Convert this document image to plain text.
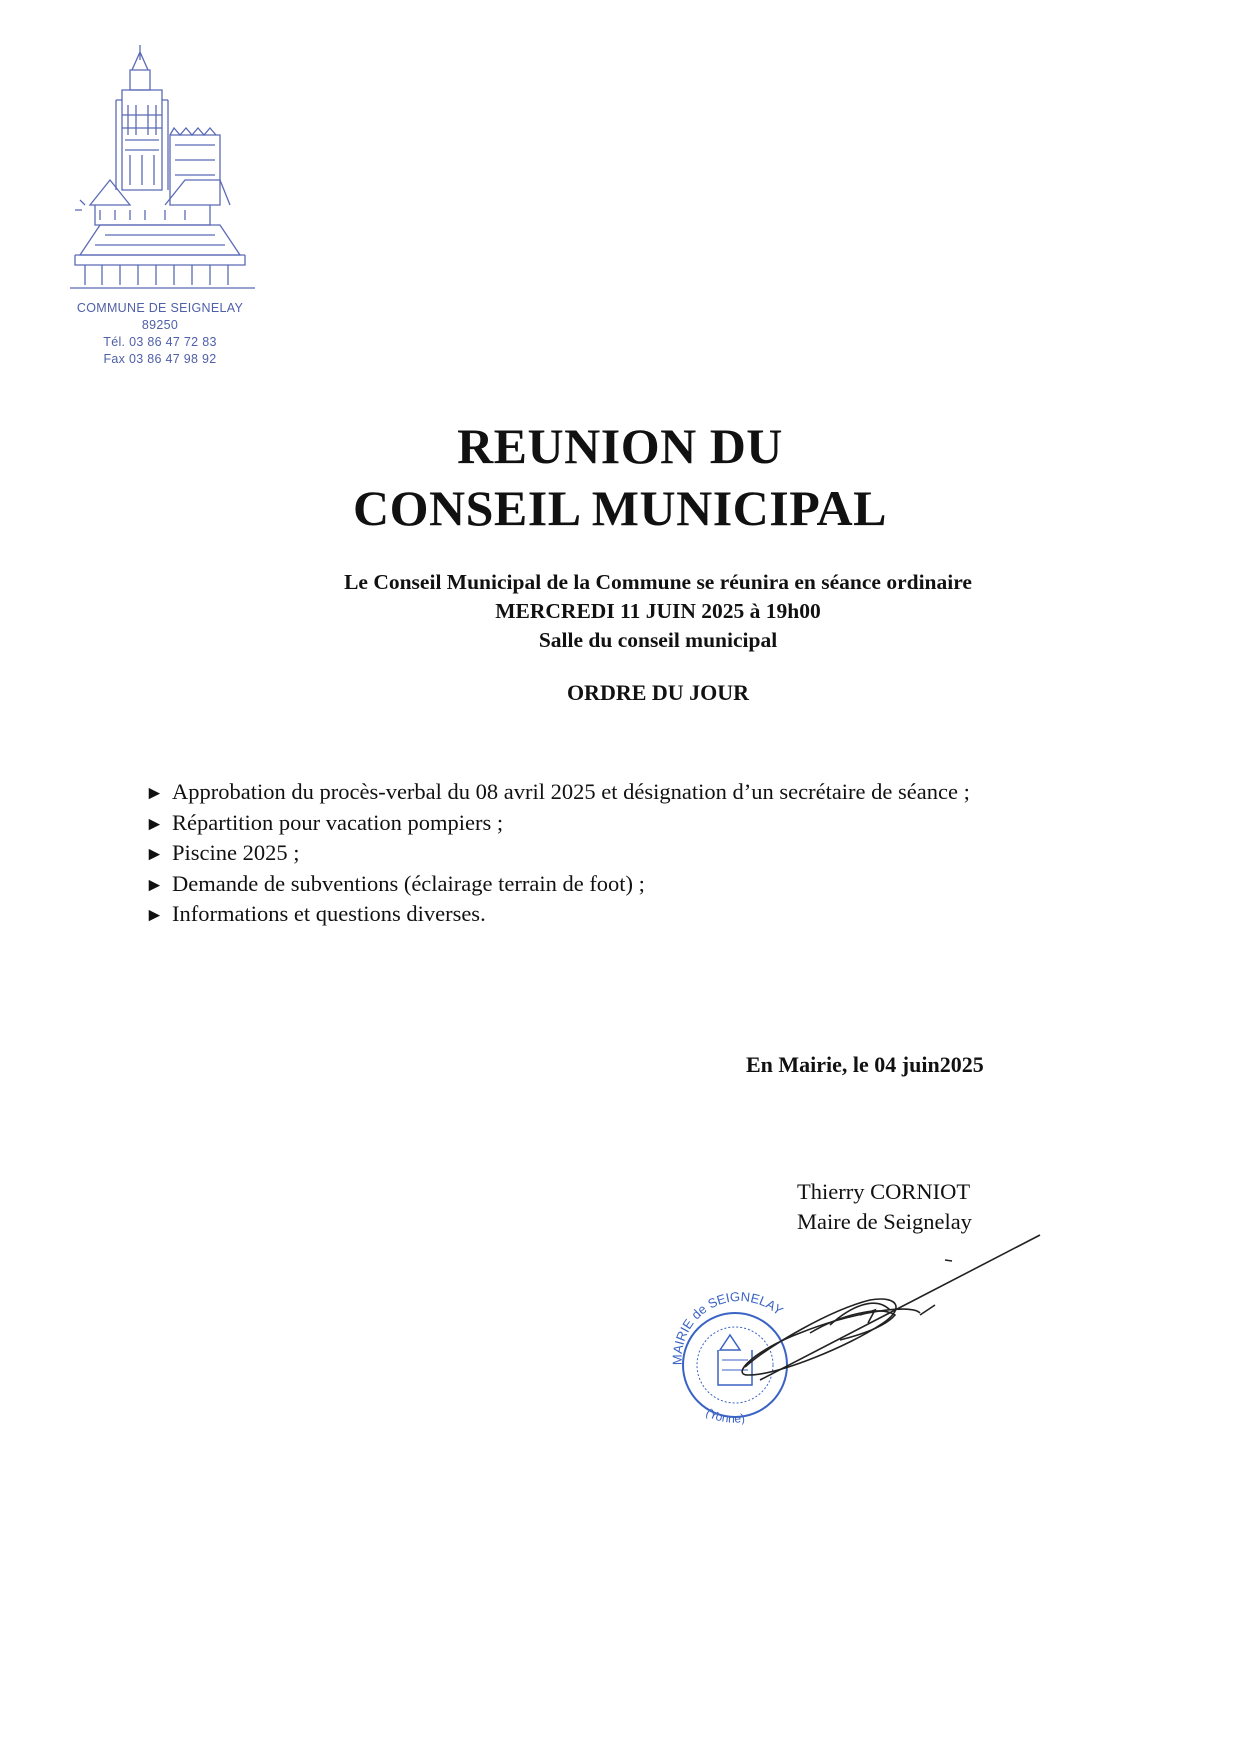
COMMUNE DE SEIGNELAY
89250
Tél. 03 86 47 72 83
Fax 03 86 47 98 92
REUNION DU
CONSEIL MUNICIPAL
Le Conseil Municipal de la Commune se réunira en séance ordinaire
MERCREDI 11 JUIN 2025 à 19h00
Salle du conseil municipal
ORDRE DU JOUR
► Approbation du procès-verbal du 08 avril 2025 et désignation d’un secrétaire de séance ;
► Répartition pour vacation pompiers ;
► Piscine 2025 ;
► Demande de subventions (éclairage terrain de foot) ;
► Informations et questions diverses.
En Mairie, le 04 juin2025
Thierry CORNIOT
Maire de Seignelay
MAIRIE de SEIGNELAY
(Yonne)
